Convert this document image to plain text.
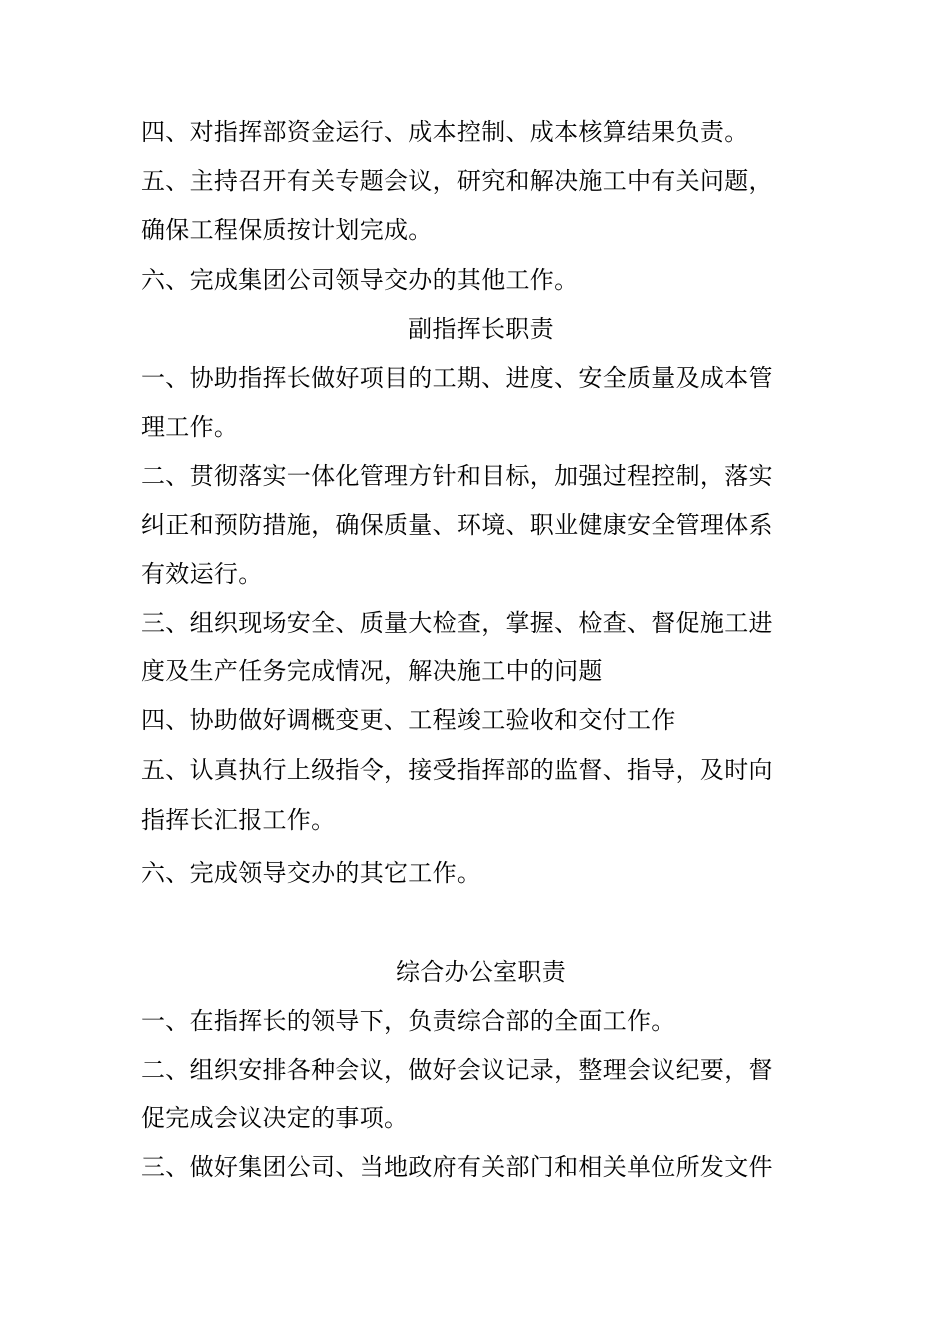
四、对指挥部资金运行、成本控制、成本核算结果负责。
五、主持召开有关专题会议，研究和解决施工中有关问题，
确保工程保质按计划完成。
六、完成集团公司领导交办的其他工作。
副指挥长职责
一、协助指挥长做好项目的工期、进度、安全质量及成本管
理工作。
二、贯彻落实一体化管理方针和目标，加强过程控制，落实
纠正和预防措施，确保质量、环境、职业健康安全管理体系
有效运行。
三、组织现场安全、质量大检查，掌握、检查、督促施工进
度及生产任务完成情况，解决施工中的问题
四、协助做好调概变更、工程竣工验收和交付工作
五、认真执行上级指令，接受指挥部的监督、指导，及时向
指挥长汇报工作。
六、完成领导交办的其它工作。
综合办公室职责
一、在指挥长的领导下，负责综合部的全面工作。
二、组织安排各种会议，做好会议记录，整理会议纪要，督
促完成会议决定的事项。
三、做好集团公司、当地政府有关部门和相关单位所发文件
